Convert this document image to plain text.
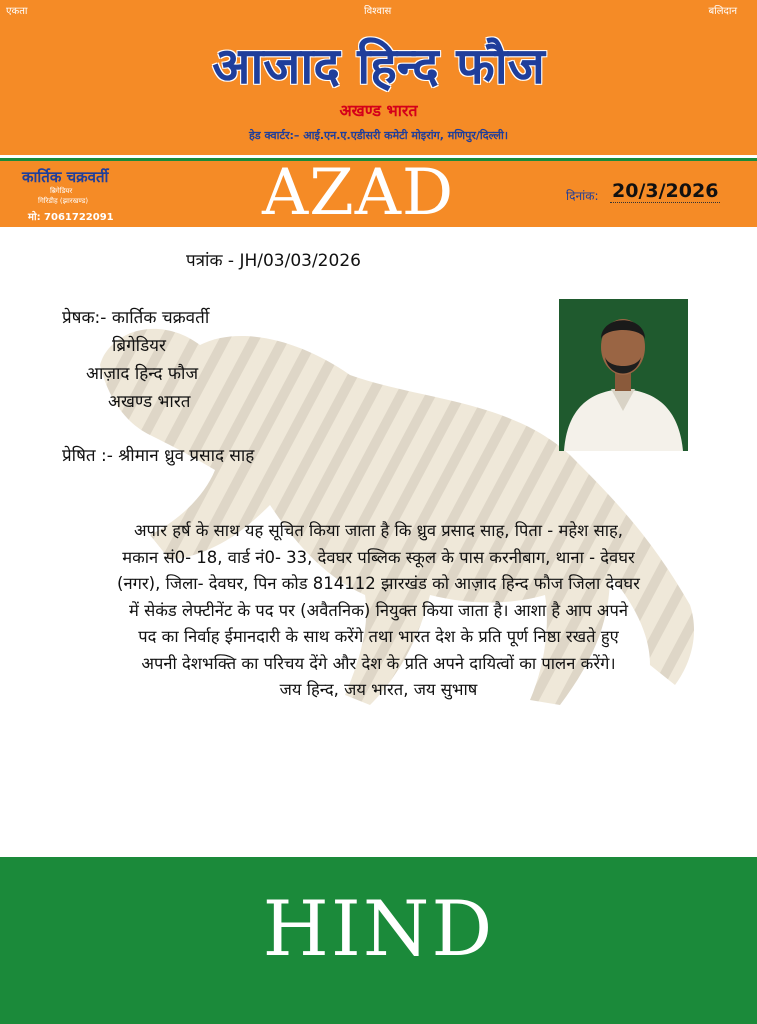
एकता	विश्वास	बलिदान
आजाद हिन्द फौज
अखण्ड भारत
हेड क्वार्टर:– आई.एन.ए.एडीसरी कमेटी मोइरांग, मणिपुर/दिल्ली।
कार्तिक चक्रवर्ती
ब्रिगेडियर
गिरिडीह (झारखण्ड)
मो: 7061722091 AZAD	दिनांक: 20/3/2026
पत्रांक - JH/03/03/2026
प्रेषक:- कार्तिक चक्रवर्ती
ब्रिगेडियर
आज़ाद हिन्द फौज
अखण्ड भारत
प्रेषित :- श्रीमान ध्रुव प्रसाद साह
अपार हर्ष के साथ यह सूचित किया जाता है कि ध्रुव प्रसाद साह, पिता - महेश साह,
मकान सं0- 18, वार्ड नं0- 33, देवघर पब्लिक स्कूल के पास करनीबाग, थाना - देवघर
(नगर), जिला- देवघर, पिन कोड 814112 झारखंड को आज़ाद हिन्द फौज जिला देवघर
में सेकंड लेफ्टीनेंट के पद पर (अवैतनिक) नियुक्त किया जाता है। आशा है आप अपने
पद का निर्वाह ईमानदारी के साथ करेंगे तथा भारत देश के प्रति पूर्ण निष्ठा रखते हुए
अपनी देशभक्ति का परिचय देंगे और देश के प्रति अपने दायित्वों का पालन करेंगे।
जय हिन्द, जय भारत, जय सुभाष
HIND
